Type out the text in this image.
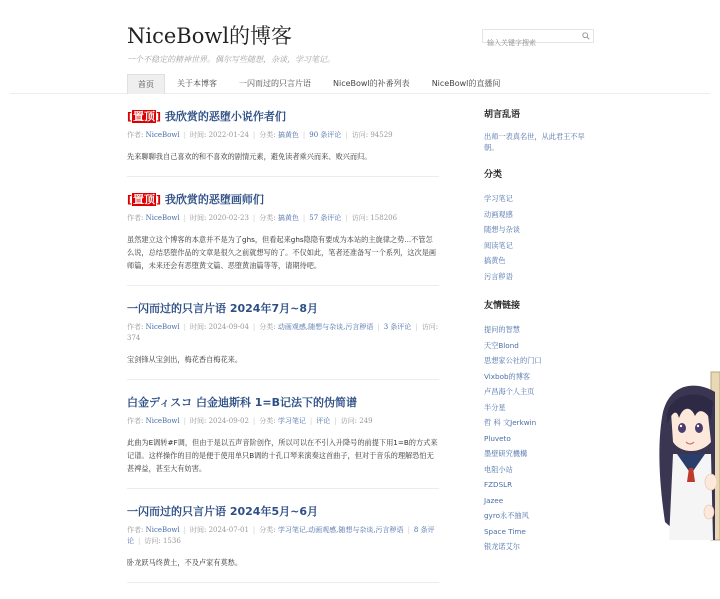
NiceBowl的博客
一个不稳定的精神世界。偶尔写些随想，杂谈，学习笔记。
输入关键字搜索
首页	关于本博客	一闪而过的只言片语	NiceBowl的补番列表	NiceBowl的直播间
[置顶] 我欣赏的恶堕小说作者们
作者: NiceBowl | 时间: 2022-01-24 | 分类: 搞黄色 | 90 条评论 | 访问: 94529
先来聊聊我自己喜欢的和不喜欢的剧情元素，避免读者乘兴而来、败兴而归。
[置顶] 我欣赏的恶堕画师们
作者: NiceBowl | 时间: 2020-02-23 | 分类: 搞黄色 | 57 条评论 | 访问: 158206
虽然建立这个博客的本意并不是为了ghs，但看起来ghs隐隐有要成为本站的主旋律之势...不管怎么说，总结恶堕作品的文章是很久之前就想写的了。不仅如此，笔者还准备写一个系列，这次是画师篇，未来还会有恶堕黄文篇、恶堕黄油篇等等，请期待吧。
一闪而过的只言片语 2024年7月~8月
作者: NiceBowl | 时间: 2024-09-04 | 分类: 动画观感,随想与杂谈,污言秽语 | 3 条评论 | 访问: 374
宝剑锋从宝剑出，梅花香自梅花来。
白金ディスコ 白金迪斯科 1=B记法下的伪简谱
作者: NiceBowl | 时间: 2024-09-02 | 分类: 学习笔记 | 评论 | 访问: 249
此曲为E调转#F调，但由于是以五声音阶创作，所以可以在不引入升降号的前提下用1=B的方式来记谱。这样操作的目的是便于使用单只B调的十孔口琴来演奏这首曲子，但对于音乐的理解恐怕无甚裨益，甚至大有妨害。
一闪而过的只言片语 2024年5月~6月
作者: NiceBowl | 时间: 2024-07-01 | 分类: 学习笔记,动画观感,随想与杂谈,污言秽语 | 8 条评论 | 访问: 1536
卧龙跃马终黄土，不及卢家有莫愁。
胡言乱语
出师一表真名世，从此君王不早朝。
分类
学习笔记
动画观感
随想与杂谈
阅读笔记
搞黄色
污言秽语
友情链接
提问的智慧
天空Blond
思想家公社的门口
Vixbob的博客
卢昌海个人主页
半分星
哲 科 文Jerkwin
Pluveto
墨壁研究機構
电阻小站
FZDSLR
Jazee
gyro永不抽风
Space Time
银龙诺艾尔
